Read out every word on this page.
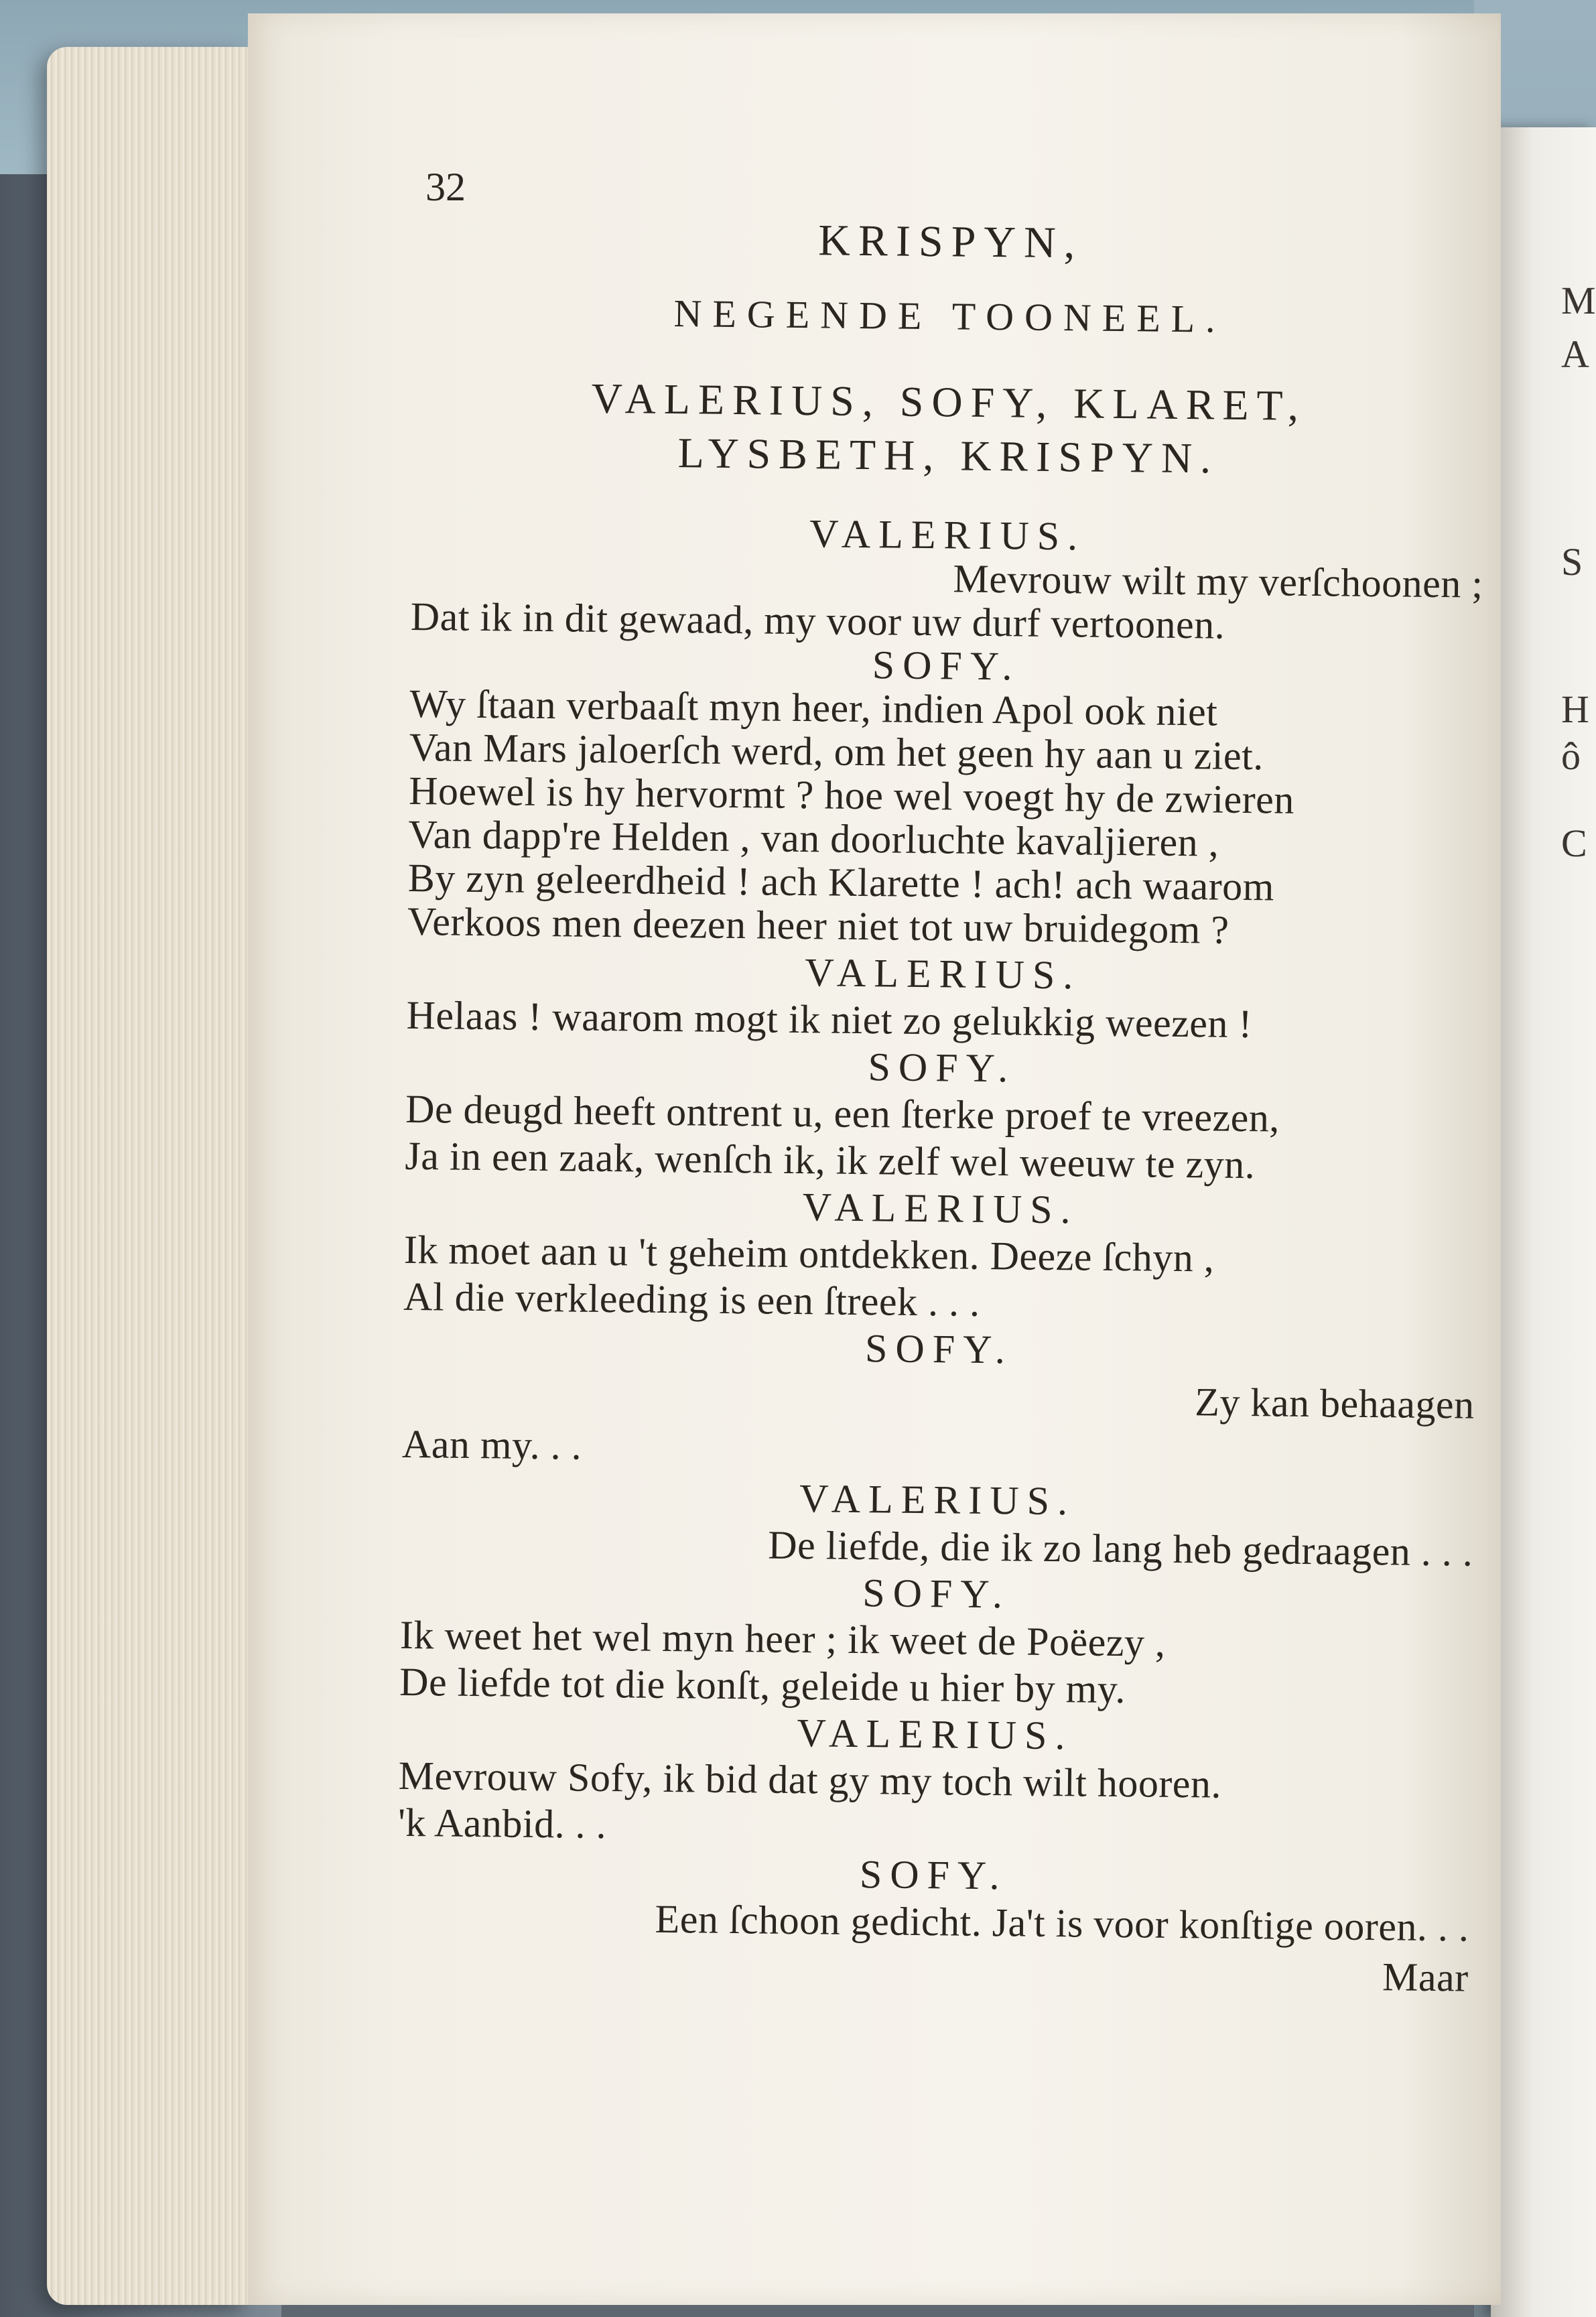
M
A
S
H
ô
C
32
KRISPYN,
NEGENDE TOONEEL.
VALERIUS, SOFY, KLARET,
LYSBETH, KRISPYN.
VALERIUS.
Mevrouw wilt my verſchoonen ;
Dat ik in dit gewaad, my voor uw durf vertoonen.
SOFY.
Wy ſtaan verbaaſt myn heer, indien Apol ook niet
Van Mars jaloerſch werd, om het geen hy aan u ziet.
Hoewel is hy hervormt ? hoe wel voegt hy de zwieren
Van dapp're Helden , van doorluchte kavaljieren ,
By zyn geleerdheid ! ach Klarette ! ach! ach waarom
Verkoos men deezen heer niet tot uw bruidegom ?
VALERIUS.
Helaas ! waarom mogt ik niet zo gelukkig weezen !
SOFY.
De deugd heeft ontrent u, een ſterke proef te vreezen,
Ja in een zaak, wenſch ik, ik zelf wel weeuw te zyn.
VALERIUS.
Ik moet aan u 't geheim ontdekken. Deeze ſchyn ,
Al die verkleeding is een ſtreek . . .
SOFY.
Zy kan behaagen
Aan my. . .
VALERIUS.
De liefde, die ik zo lang heb gedraagen . . .
SOFY.
Ik weet het wel myn heer ; ik weet de Poëezy ,
De liefde tot die konſt, geleide u hier by my.
VALERIUS.
Mevrouw Sofy, ik bid dat gy my toch wilt hooren.
'k Aanbid. . .
SOFY.
Een ſchoon gedicht. Ja't is voor konſtige ooren. . .
Maar
